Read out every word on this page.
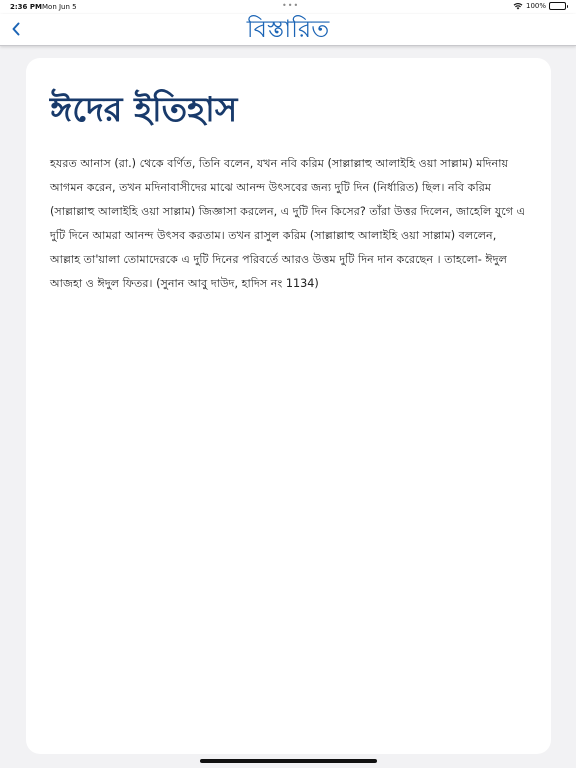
2:36 PM Mon Jun 5	•••	100%
বিস্তারিত
ঈদের ইতিহাস

হযরত আনাস (রা.) থেকে বর্ণিত, তিনি বলেন, যখন নবি করিম (সাল্লাল্লাহু আলাইহি ওয়া সাল্লাম) মদিনায় আগমন করেন, তখন মদিনাবাসীদের মাঝে আনন্দ উৎসবের জন্য দুটি দিন (নির্ধারিত) ছিল। নবি করিম (সাল্লাল্লাহু আলাইহি ওয়া সাল্লাম) জিজ্ঞাসা করলেন, এ দুটি দিন কিসের? তাঁরা উত্তর দিলেন, জাহেলি যুগে এ দুটি দিনে আমরা আনন্দ উৎসব করতাম। তখন রাসুল করিম (সাল্লাল্লাহু আলাইহি ওয়া সাল্লাম) বললেন, আল্লাহ তা'য়ালা তোমাদেরকে এ দুটি দিনের পরিবর্তে আরও উত্তম দুটি দিন দান করেছেন । তাহলো- ঈদুল আজহা ও ঈদুল ফিতর। (সুনান আবু দাউদ, হাদিস নং 1134)
